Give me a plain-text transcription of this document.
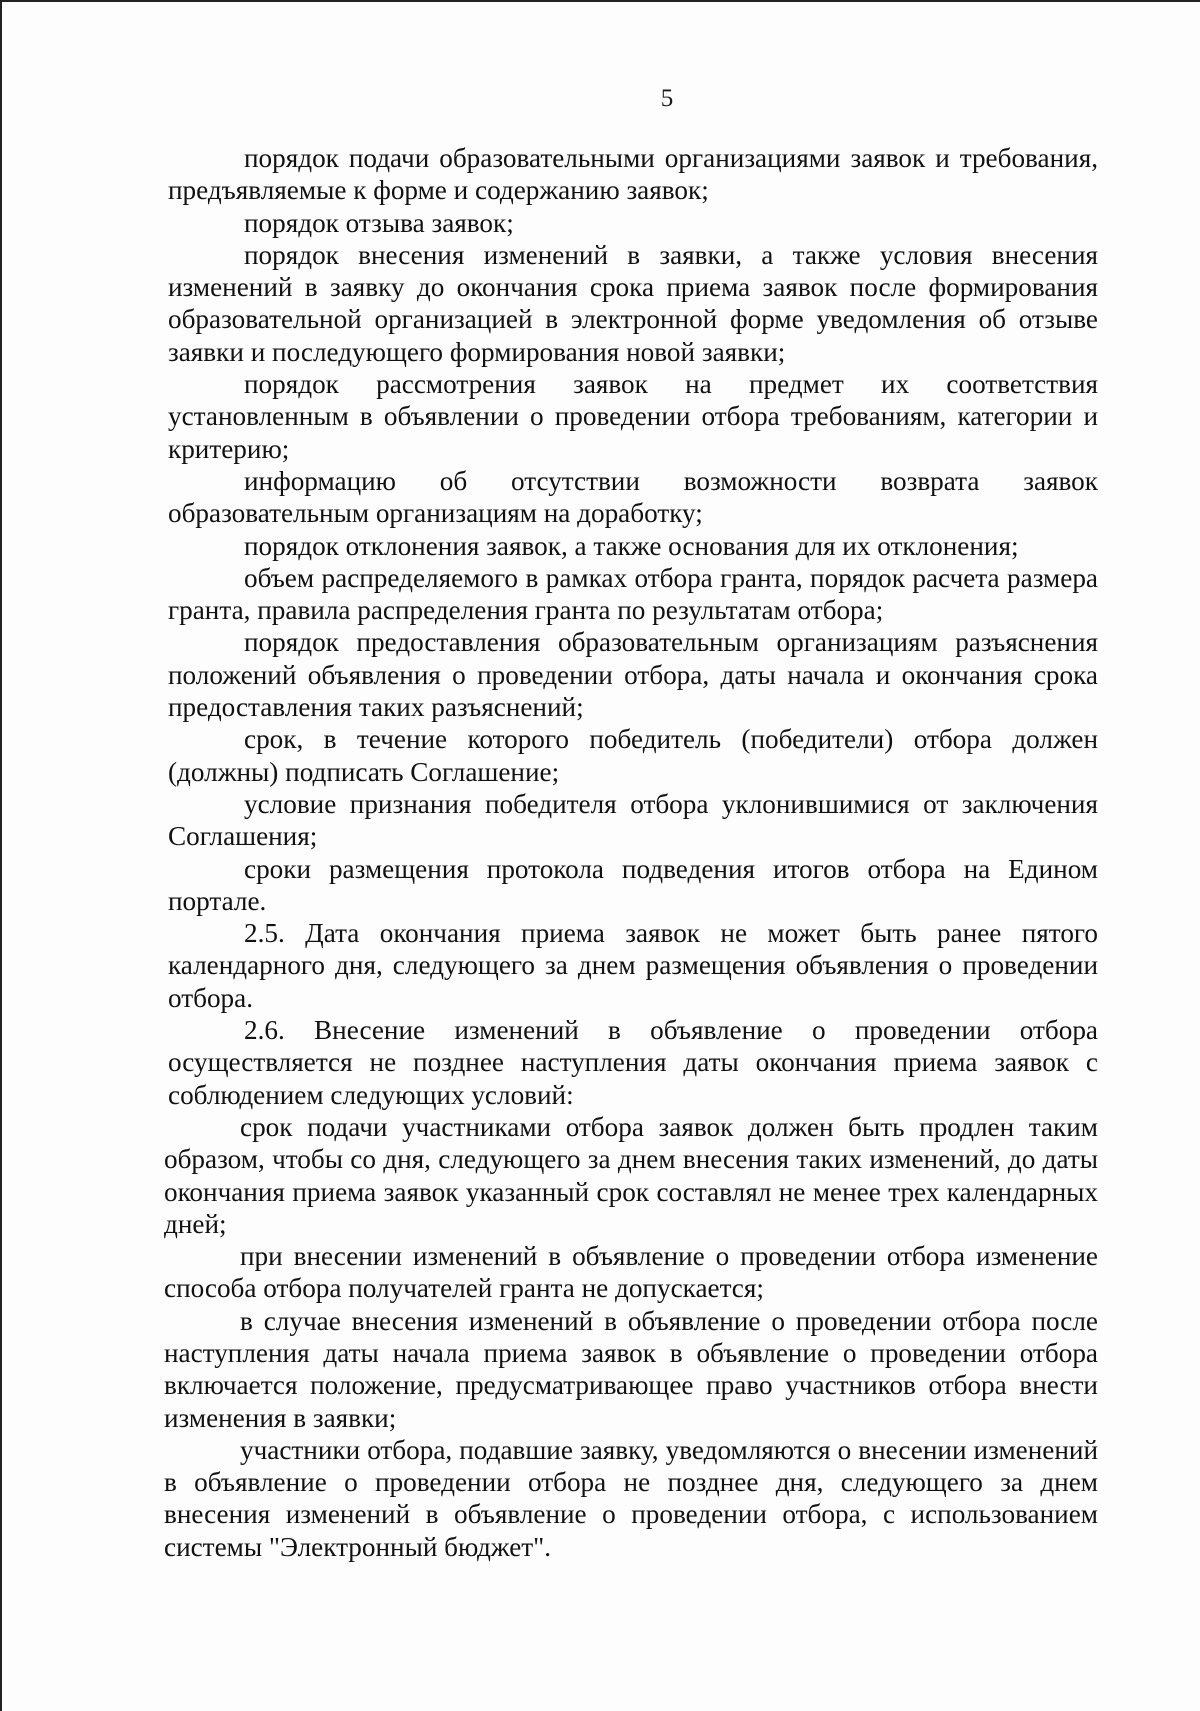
5

порядок подачи образовательными организациями заявок и требования, предъявляемые к форме и содержанию заявок;

порядок отзыва заявок;

порядок внесения изменений в заявки, а также условия внесения изменений в заявку до окончания срока приема заявок после формирования образовательной организацией в электронной форме уведомления об отзыве заявки и последующего формирования новой заявки;

порядок рассмотрения заявок на предмет их соответствия установленным в объявлении о проведении отбора требованиям, категории и критерию;

информацию об отсутствии возможности возврата заявок образовательным организациям на доработку;

порядок отклонения заявок, а также основания для их отклонения;

объем распределяемого в рамках отбора гранта, порядок расчета размера гранта, правила распределения гранта по результатам отбора;

порядок предоставления образовательным организациям разъяснения положений объявления о проведении отбора, даты начала и окончания срока предоставления таких разъяснений;

срок, в течение которого победитель (победители) отбора должен (должны) подписать Соглашение;

условие признания победителя отбора уклонившимися от заключения Соглашения;

сроки размещения протокола подведения итогов отбора на Едином портале.

2.5. Дата окончания приема заявок не может быть ранее пятого календарного дня, следующего за днем размещения объявления о проведении отбора.

2.6. Внесение изменений в объявление о проведении отбора осуществляется не позднее наступления даты окончания приема заявок с соблюдением следующих условий:

срок подачи участниками отбора заявок должен быть продлен таким образом, чтобы со дня, следующего за днем внесения таких изменений, до даты окончания приема заявок указанный срок составлял не менее трех календарных дней;

при внесении изменений в объявление о проведении отбора изменение способа отбора получателей гранта не допускается;

в случае внесения изменений в объявление о проведении отбора после наступления даты начала приема заявок в объявление о проведении отбора включается положение, предусматривающее право участников отбора внести изменения в заявки;

участники отбора, подавшие заявку, уведомляются о внесении изменений в объявление о проведении отбора не позднее дня, следующего за днем внесения изменений в объявление о проведении отбора, с использованием системы "Электронный бюджет".
